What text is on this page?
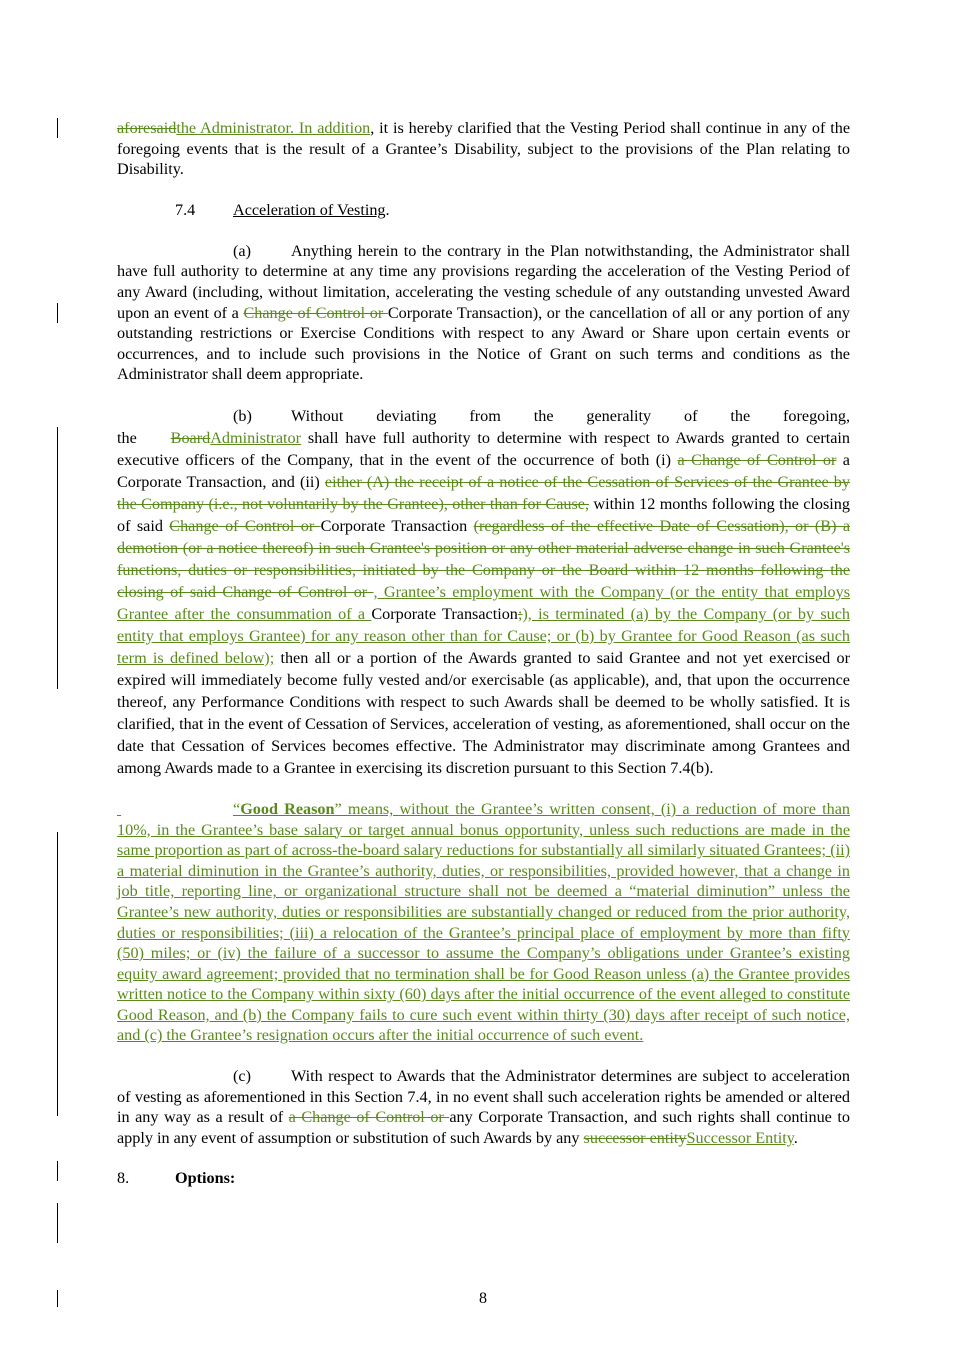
aforesaidthe Administrator. In addition, it is hereby clarified that the Vesting Period shall continue in any of the foregoing events that is the result of a Grantee’s Disability, subject to the provisions of the Plan relating to Disability.

7.4 Acceleration of Vesting.

(a) Anything herein to the contrary in the Plan notwithstanding, the Administrator shall have full authority to determine at any time any provisions regarding the acceleration of the Vesting Period of any Award (including, without limitation, accelerating the vesting schedule of any outstanding unvested Award upon an event of a Change of Control or Corporate Transaction), or the cancellation of all or any portion of any outstanding restrictions or Exercise Conditions with respect to any Award or Share upon certain events or occurrences, and to include such provisions in the Notice of Grant on such terms and conditions as the Administrator shall deem appropriate.

(b) Without deviating from the generality of the foregoing, the BoardAdministrator shall have full authority to determine with respect to Awards granted to certain executive officers of the Company, that in the event of the occurrence of both (i) a Change of Control or a Corporate Transaction, and (ii) either (A) the receipt of a notice of the Cessation of Services of the Grantee by the Company (i.e., not voluntarily by the Grantee), other than for Cause, within 12 months following the closing of said Change of Control or Corporate Transaction (regardless of the effective Date of Cessation), or (B) a demotion (or a notice thereof) in such Grantee's position or any other material adverse change in such Grantee's functions, duties or responsibilities, initiated by the Company or the Board within 12 months following the closing of said Change of Control or , Grantee’s employment with the Company (or the entity that employs Grantee after the consummation of a Corporate Transaction;), is terminated (a) by the Company (or by such entity that employs Grantee) for any reason other than for Cause; or (b) by Grantee for Good Reason (as such term is defined below); then all or a portion of the Awards granted to said Grantee and not yet exercised or expired will immediately become fully vested and/or exercisable (as applicable), and, that upon the occurrence thereof, any Performance Conditions with respect to such Awards shall be deemed to be wholly satisfied. It is clarified, that in the event of Cessation of Services, acceleration of vesting, as aforementioned, shall occur on the date that Cessation of Services becomes effective. The Administrator may discriminate among Grantees and among Awards made to a Grantee in exercising its discretion pursuant to this Section 7.4(b).

“Good Reason” means, without the Grantee’s written consent, (i) a reduction of more than 10%, in the Grantee’s base salary or target annual bonus opportunity, unless such reductions are made in the same proportion as part of across-the-board salary reductions for substantially all similarly situated Grantees; (ii) a material diminution in the Grantee’s authority, duties, or responsibilities, provided however, that a change in job title, reporting line, or organizational structure shall not be deemed a “material diminution” unless the Grantee’s new authority, duties or responsibilities are substantially changed or reduced from the prior authority, duties or responsibilities; (iii) a relocation of the Grantee’s principal place of employment by more than fifty (50) miles; or (iv) the failure of a successor to assume the Company’s obligations under Grantee’s existing equity award agreement; provided that no termination shall be for Good Reason unless (a) the Grantee provides written notice to the Company within sixty (60) days after the initial occurrence of the event alleged to constitute Good Reason, and (b) the Company fails to cure such event within thirty (30) days after receipt of such notice, and (c) the Grantee’s resignation occurs after the initial occurrence of such event.

(c) With respect to Awards that the Administrator determines are subject to acceleration of vesting as aforementioned in this Section 7.4, in no event shall such acceleration rights be amended or altered in any way as a result of a Change of Control or any Corporate Transaction, and such rights shall continue to apply in any event of assumption or substitution of such Awards by any successor entitySuccessor Entity.

8.	Options:
8
